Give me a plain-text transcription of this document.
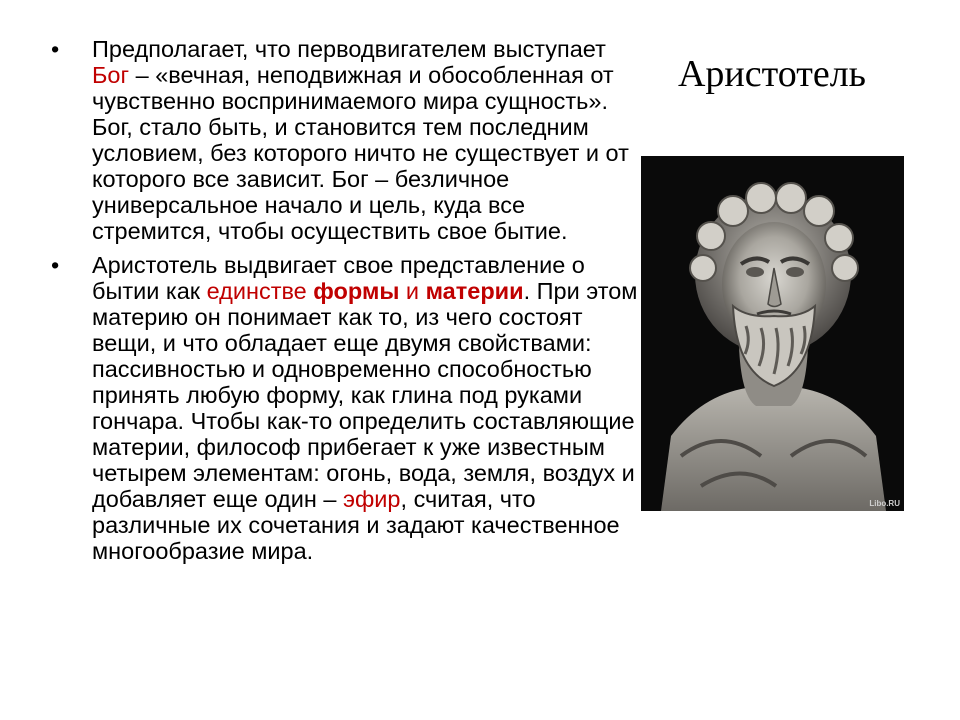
• Предполагает, что перводвигателем выступает Бог – «вечная, неподвижная и обособленная от чувственно воспринимаемого мира сущность». Бог, стало быть, и становится тем последним условием, без которого ничто не существует и от которого все зависит. Бог – безличное универсальное начало и цель, куда все стремится, чтобы осуществить свое бытие.
• Аристотель выдвигает свое представление о бытии как единстве формы и материи. При этом материю он понимает как то, из чего состоят вещи, и что обладает еще двумя свойствами: пассивностью и одновременно способностью принять любую форму, как глина под руками гончара. Чтобы как-то определить составляющие материи, философ прибегает к уже известным четырем элементам: огонь, вода, земля, воздух и добавляет еще один – эфир, считая, что различные их сочетания и задают качественное многообразие мира.
Аристотель
Libo.RU
